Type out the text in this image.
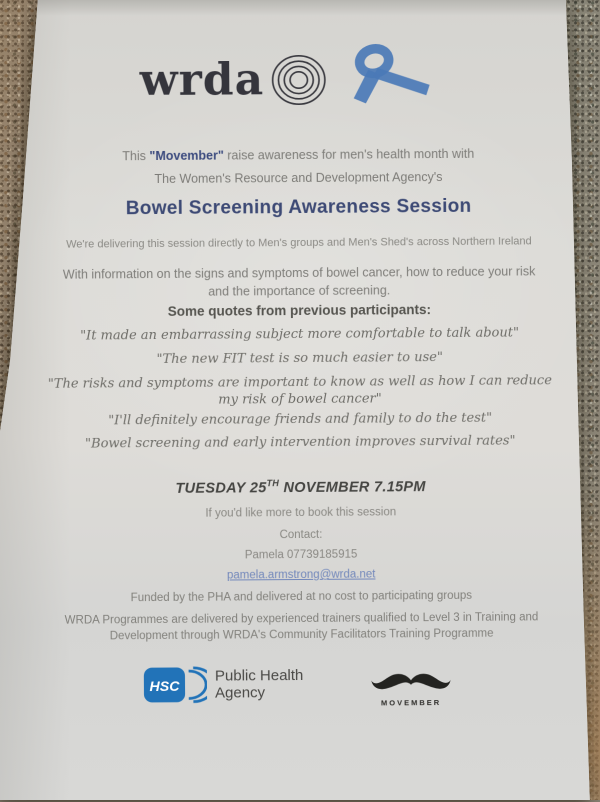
wrda
This "Movember" raise awareness for men's health month with
The Women's Resource and Development Agency's
Bowel Screening Awareness Session
We're delivering this session directly to Men's groups and Men's Shed's across Northern Ireland
With information on the signs and symptoms of bowel cancer, how to reduce your risk
and the importance of screening.
Some quotes from previous participants:
"It made an embarrassing subject more comfortable to talk about"
"The new FIT test is so much easier to use"
"The risks and symptoms are important to know as well as how I can reduce my risk of bowel cancer"
"I'll definitely encourage friends and family to do the test"
"Bowel screening and early intervention improves survival rates"
TUESDAY 25TH NOVEMBER 7.15PM
If you'd like more to book this session
Contact:
Pamela 07739185915
pamela.armstrong@wrda.net
Funded by the PHA and delivered at no cost to participating groups
WRDA Programmes are delivered by experienced trainers qualified to Level 3 in Training and
Development through WRDA's Community Facilitators Training Programme
HSC
Public Health
Agency
MOVEMBER
